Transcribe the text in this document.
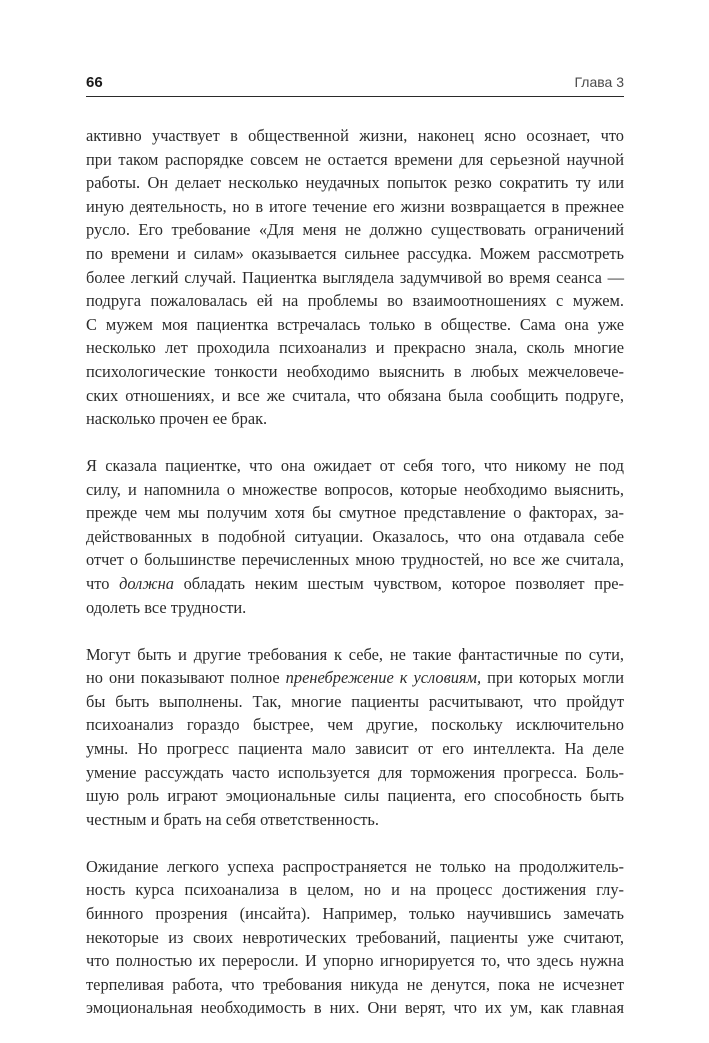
66	Глава 3

активно участвует в общественной жизни, наконец ясно осознает, что
при таком распорядке совсем не остается времени для серьезной научной
работы. Он делает несколько неудачных попыток резко сократить ту или
иную деятельность, но в итоге течение его жизни возвращается в прежнее
русло. Его требование «Для меня не должно существовать ограничений
по времени и силам» оказывается сильнее рассудка. Можем рассмотреть
более легкий случай. Пациентка выглядела задумчивой во время сеанса —
подруга пожаловалась ей на проблемы во взаимоотношениях с мужем.
С мужем моя пациентка встречалась только в обществе. Сама она уже
несколько лет проходила психоанализ и прекрасно знала, сколь многие
психологические тонкости необходимо выяснить в любых межчеловече-
ских отношениях, и все же считала, что обязана была сообщить подруге,
насколько прочен ее брак.

Я сказала пациентке, что она ожидает от себя того, что никому не под
силу, и напомнила о множестве вопросов, которые необходимо выяснить,
прежде чем мы получим хотя бы смутное представление о факторах, за-
действованных в подобной ситуации. Оказалось, что она отдавала себе
отчет о большинстве перечисленных мною трудностей, но все же считала,
что должна обладать неким шестым чувством, которое позволяет пре-
одолеть все трудности.

Могут быть и другие требования к себе, не такие фантастичные по сути,
но они показывают полное пренебрежение к условиям, при которых могли
бы быть выполнены. Так, многие пациенты расчитывают, что пройдут
психоанализ гораздо быстрее, чем другие, поскольку исключительно
умны. Но прогресс пациента мало зависит от его интеллекта. На деле
умение рассуждать часто используется для торможения прогресса. Боль-
шую роль играют эмоциональные силы пациента, его способность быть
честным и брать на себя ответственность.

Ожидание легкого успеха распространяется не только на продолжитель-
ность курса психоанализа в целом, но и на процесс достижения глу-
бинного прозрения (инсайта). Например, только научившись замечать
некоторые из своих невротических требований, пациенты уже считают,
что полностью их переросли. И упорно игнорируется то, что здесь нужна
терпеливая работа, что требования никуда не денутся, пока не исчезнет
эмоциональная необходимость в них. Они верят, что их ум, как главная
